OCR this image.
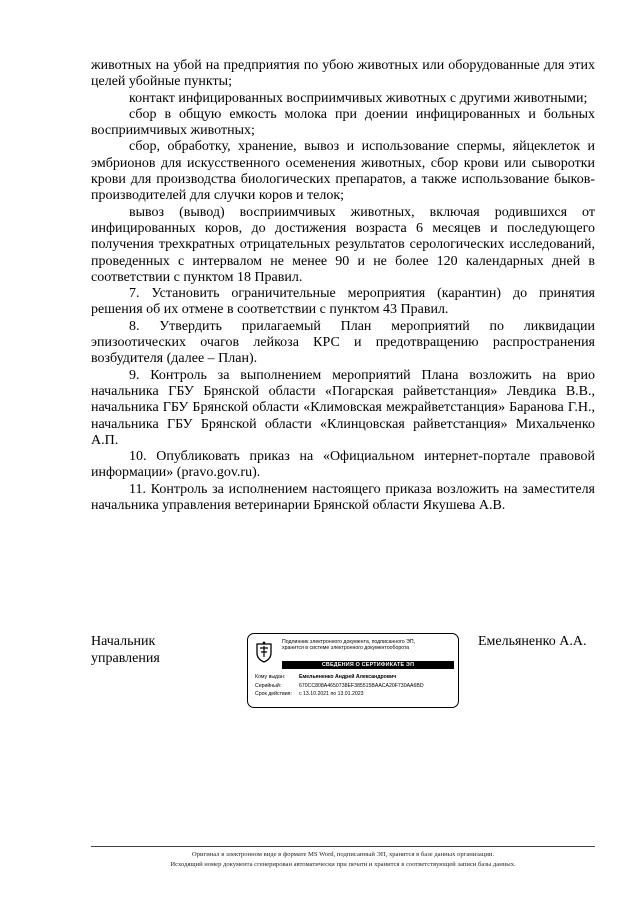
животных на убой на предприятия по убою животных или оборудованные для этих целей убойные пункты;

контакт инфицированных восприимчивых животных с другими животными;

сбор в общую емкость молока при доении инфицированных и больных восприимчивых животных;

сбор, обработку, хранение, вывоз и использование спермы, яйцеклеток и эмбрионов для искусственного осеменения животных, сбор крови или сыворотки крови для производства биологических препаратов, а также использование быков-производителей для случки коров и телок;

вывоз (вывод) восприимчивых животных, включая родившихся от инфицированных коров, до достижения возраста 6 месяцев и последующего получения трехкратных отрицательных результатов серологических исследований, проведенных с интервалом не менее 90 и не более 120 календарных дней в соответствии с пунктом 18 Правил.

7. Установить ограничительные мероприятия (карантин) до принятия решения об их отмене в соответствии с пунктом 43 Правил.

8. Утвердить прилагаемый План мероприятий по ликвидации эпизоотических очагов лейкоза КРС и предотвращению распространения возбудителя (далее – План).

9. Контроль за выполнением мероприятий Плана возложить на врио начальника ГБУ Брянской области «Погарская райветстанция» Левдика В.В., начальника ГБУ Брянской области «Климовская межрайветстанция» Баранова Г.Н., начальника ГБУ Брянской области «Клинцовская райветстанция» Михальченко А.П.

10. Опубликовать приказ на «Официальном интернет-портале правовой информации» (pravo.gov.ru).

11. Контроль за исполнением настоящего приказа возложить на заместителя начальника управления ветеринарии Брянской области Якушева А.В.

Начальник
управления
Подлинник электронного документа, подписанного ЭП,
хранится в системе электронного документооборота
СВЕДЕНИЯ О СЕРТИФИКАТЕ ЭП
Кому выдан:	Емельяненко Андрей Александрович
Серийный:	670CC808A4650738EF385515BAACA20F730AA6BD
Срок действия:	с 13.10.2021 по 13.01.2023
Емельяненко А.А.
Оригинал в электронном виде в формате MS Word, подписанный ЭП, хранится в базе данных организации.
Исходящий номер документа сгенерирован автоматически при печати и хранится в соответствующей записи базы данных.
